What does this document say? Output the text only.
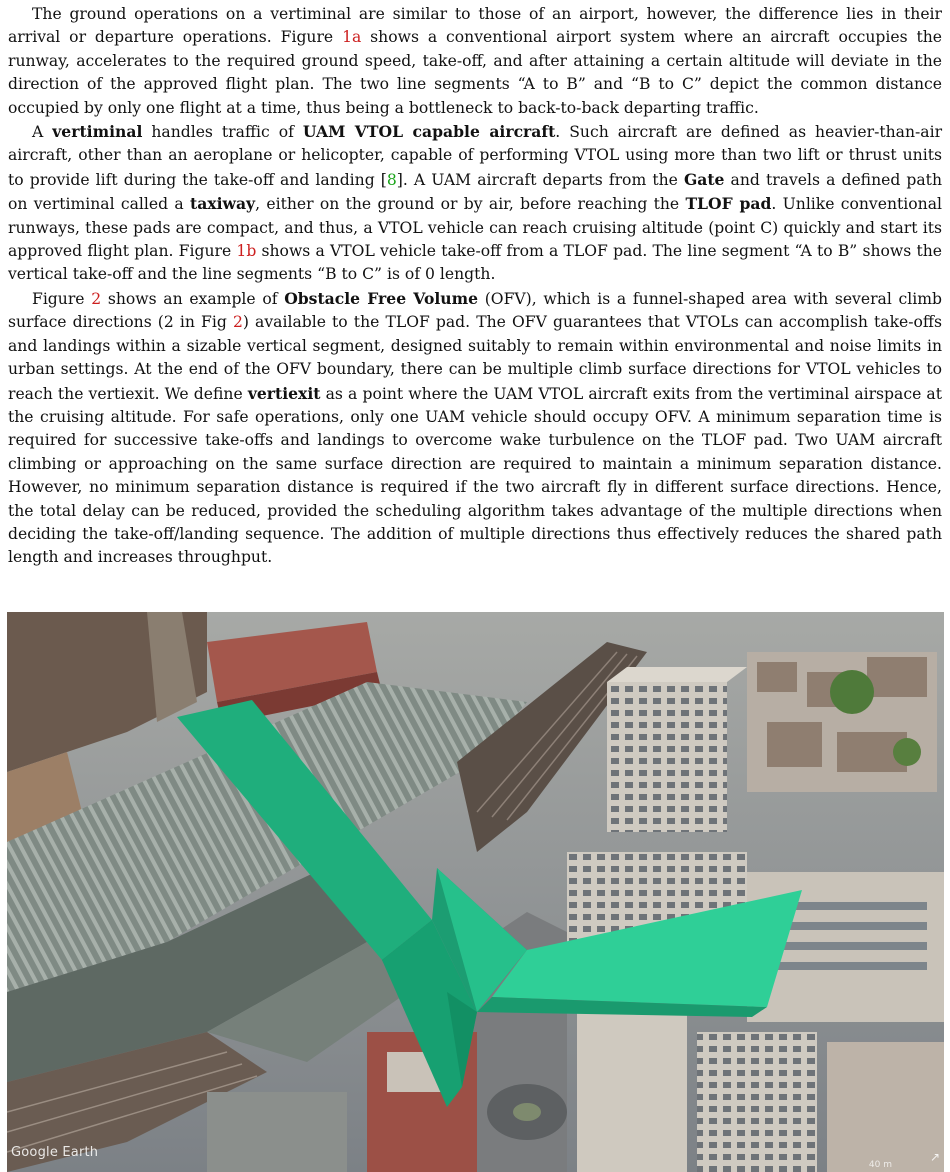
The ground operations on a vertiminal are similar to those of an airport, however, the difference lies in their arrival or departure operations. Figure 1a shows a conventional airport system where an aircraft occupies the runway, accelerates to the required ground speed, take-off, and after attaining a certain altitude will deviate in the direction of the approved flight plan. The two line segments “A to B” and “B to C” depict the common distance occupied by only one flight at a time, thus being a bottleneck to back-to-back departing traffic.

A vertiminal handles traffic of UAM VTOL capable aircraft. Such aircraft are defined as heavier-than-air aircraft, other than an aeroplane or helicopter, capable of performing VTOL using more than two lift or thrust units to provide lift during the take-off and landing [8]. A UAM aircraft departs from the Gate and travels a defined path on vertiminal called a taxiway, either on the ground or by air, before reaching the TLOF pad. Unlike conventional runways, these pads are compact, and thus, a VTOL vehicle can reach cruising altitude (point C) quickly and start its approved flight plan. Figure 1b shows a VTOL vehicle take-off from a TLOF pad. The line segment “A to B” shows the vertical take-off and the line segments “B to C” is of 0 length.

Figure 2 shows an example of Obstacle Free Volume (OFV), which is a funnel-shaped area with several climb surface directions (2 in Fig 2) available to the TLOF pad. The OFV guarantees that VTOLs can accomplish take-offs and landings within a sizable vertical segment, designed suitably to remain within environmental and noise limits in urban settings. At the end of the OFV boundary, there can be multiple climb surface directions for VTOL vehicles to reach the vertiexit. We define vertiexit as a point where the UAM VTOL aircraft exits from the vertiminal airspace at the cruising altitude. For safe operations, only one UAM vehicle should occupy OFV. A minimum separation time is required for successive take-offs and landings to overcome wake turbulence on the TLOF pad. Two UAM aircraft climbing or approaching on the same surface direction are required to maintain a minimum separation distance. However, no minimum separation distance is required if the two aircraft fly in different surface directions. Hence, the total delay can be reduced, provided the scheduling algorithm takes advantage of the multiple directions when deciding the take-off/landing sequence. The addition of multiple directions thus effectively reduces the shared path length and increases throughput.

Google Earth
40 m
↗
